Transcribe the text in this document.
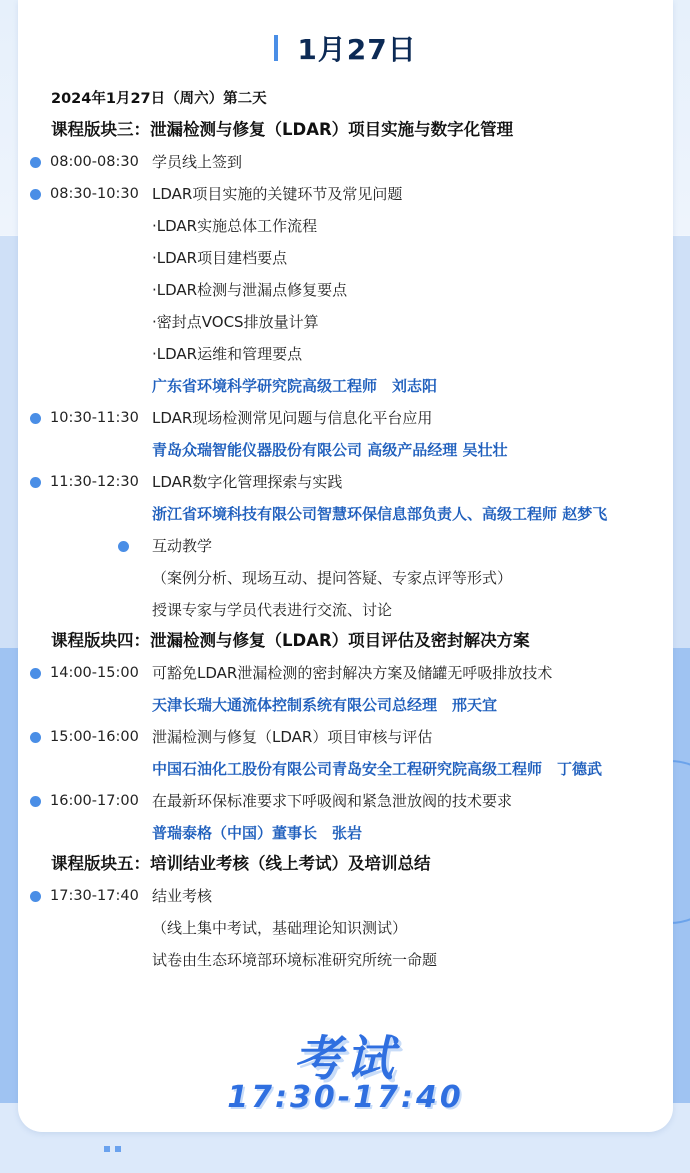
1月27日
2024年1月27日（周六）第二天
课程版块三：泄漏检测与修复（LDAR）项目实施与数字化管理
08:00-08:30 学员线上签到
08:30-10:30 LDAR项目实施的关键环节及常见问题
·LDAR实施总体工作流程
·LDAR项目建档要点
·LDAR检测与泄漏点修复要点
·密封点VOCS排放量计算
·LDAR运维和管理要点
广东省环境科学研究院高级工程师　刘志阳
10:30-11:30 LDAR现场检测常见问题与信息化平台应用
青岛众瑞智能仪器股份有限公司 高级产品经理 吴壮壮
11:30-12:30 LDAR数字化管理探索与实践
浙江省环境科技有限公司智慧环保信息部负责人、高级工程师 赵梦飞
互动教学
（案例分析、现场互动、提问答疑、专家点评等形式）
授课专家与学员代表进行交流、讨论
课程版块四：泄漏检测与修复（LDAR）项目评估及密封解决方案
14:00-15:00 可豁免LDAR泄漏检测的密封解决方案及储罐无呼吸排放技术
天津长瑞大通流体控制系统有限公司总经理　邢天宜
15:00-16:00 泄漏检测与修复（LDAR）项目审核与评估
中国石油化工股份有限公司青岛安全工程研究院高级工程师　丁德武
16:00-17:00 在最新环保标准要求下呼吸阀和紧急泄放阀的技术要求
普瑞泰格（中国）董事长　张岩
课程版块五：培训结业考核（线上考试）及培训总结
17:30-17:40 结业考核
（线上集中考试，基础理论知识测试）
试卷由生态环境部环境标准研究所统一命题
考试
17:30-17:40
